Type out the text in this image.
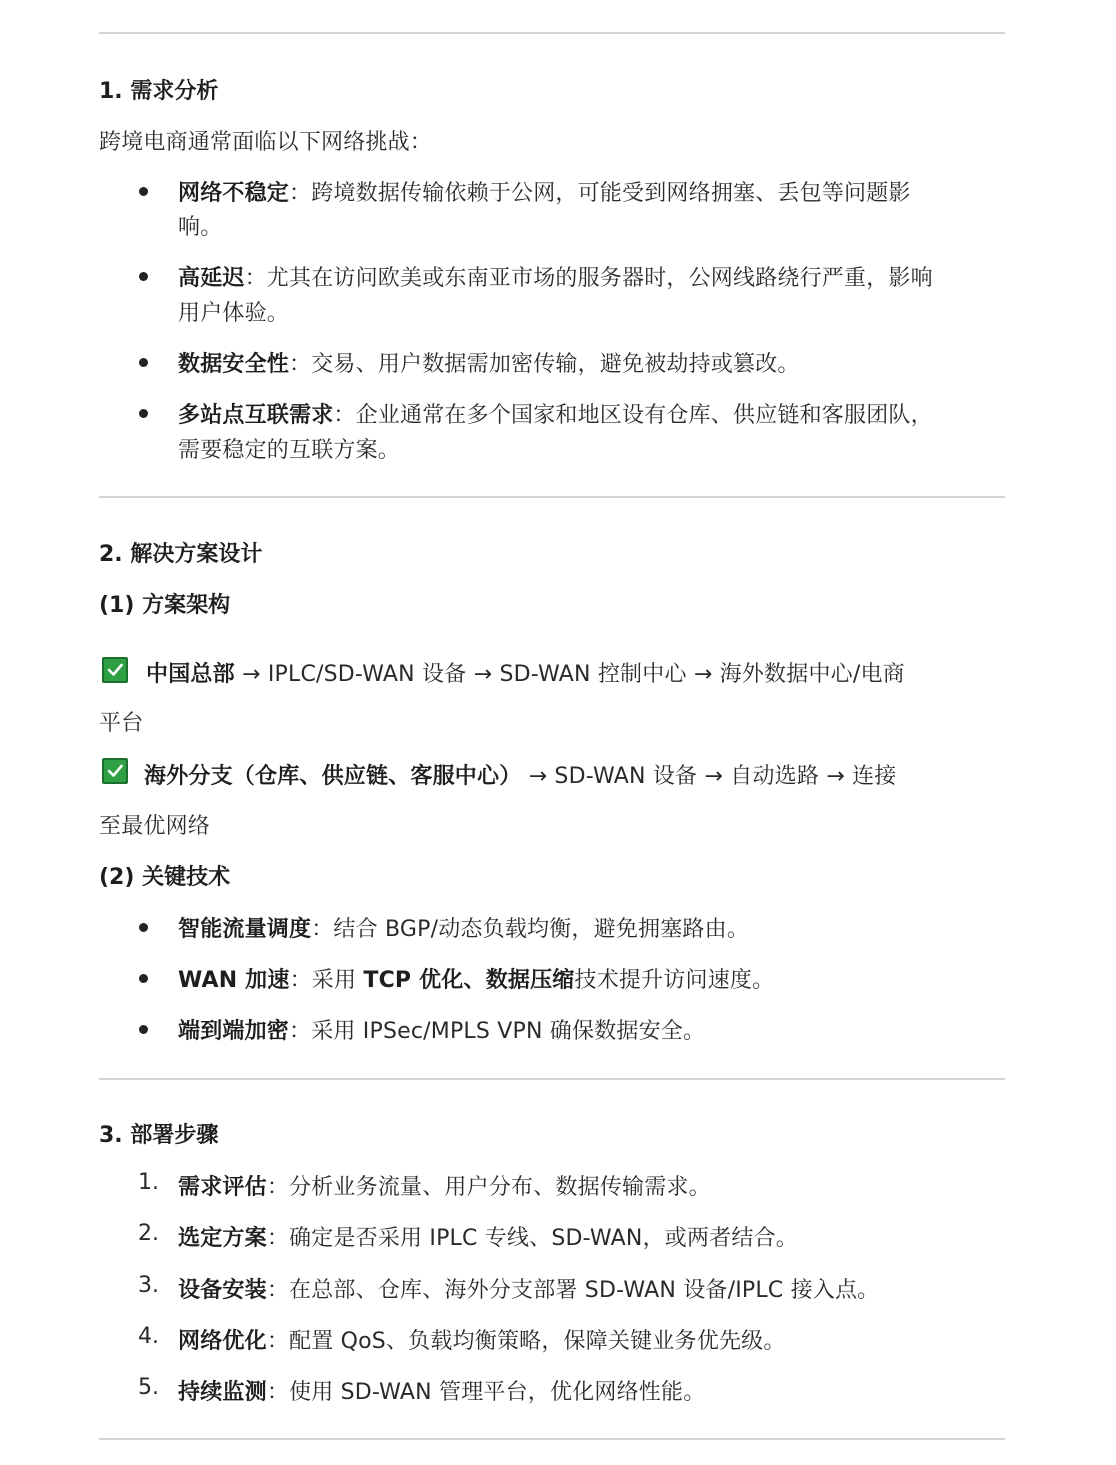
1. 需求分析
跨境电商通常面临以下网络挑战：
网络不稳定：跨境数据传输依赖于公网，可能受到网络拥塞、丢包等问题影
响。
高延迟：尤其在访问欧美或东南亚市场的服务器时，公网线路绕行严重，影响
用户体验。
数据安全性：交易、用户数据需加密传输，避免被劫持或篡改。
多站点互联需求：企业通常在多个国家和地区设有仓库、供应链和客服团队，
需要稳定的互联方案。
2. 解决方案设计
(1) 方案架构
中国总部 → IPLC/SD-WAN 设备 → SD-WAN 控制中心 → 海外数据中心/电商
平台
海外分支（仓库、供应链、客服中心） → SD-WAN 设备 → 自动选路 → 连接
至最优网络
(2) 关键技术
智能流量调度：结合 BGP/动态负载均衡，避免拥塞路由。
WAN 加速：采用 TCP 优化、数据压缩技术提升访问速度。
端到端加密：采用 IPSec/MPLS VPN 确保数据安全。
3. 部署步骤
1. 需求评估：分析业务流量、用户分布、数据传输需求。
2. 选定方案：确定是否采用 IPLC 专线、SD-WAN，或两者结合。
3. 设备安装：在总部、仓库、海外分支部署 SD-WAN 设备/IPLC 接入点。
4. 网络优化：配置 QoS、负载均衡策略，保障关键业务优先级。
5. 持续监测：使用 SD-WAN 管理平台，优化网络性能。
